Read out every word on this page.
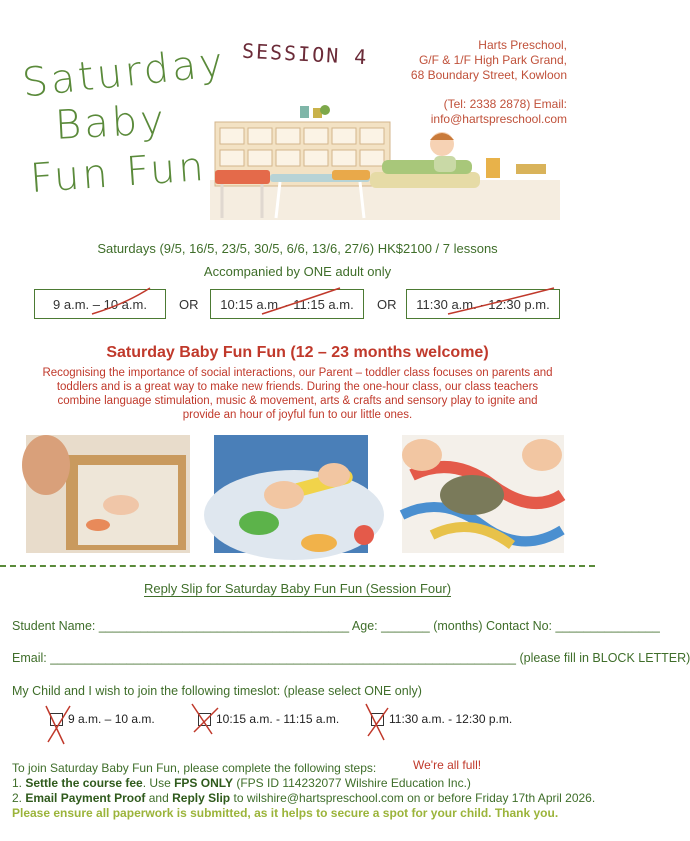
Saturday
Baby
Fun Fun
SESSION 4	Harts Preschool,
G/F & 1/F High Park Grand,
68 Boundary Street, Kowloon
(Tel: 2338 2878) Email:
info@hartspreschool.com
Saturdays (9/5, 16/5, 23/5, 30/5, 6/6, 13/6, 27/6) HK$2100 / 7 lessons
Accompanied by ONE adult only
9 a.m. – 10 a.m. OR 10:15 a.m. - 11:15 a.m. OR 11:30 a.m. - 12:30 p.m.
Saturday Baby Fun Fun (12 – 23 months welcome)
Recognising the importance of social interactions, our Parent – toddler class focuses on parents and toddlers and is a great way to make new friends. During the one-hour class, our class teachers combine language stimulation, music & movement, arts & crafts and sensory play to ignite and provide an hour of joyful fun to our little ones.
Reply Slip for Saturday Baby Fun Fun (Session Four)
Student Name: ____________________________________ Age: _______ (months) Contact No: _______________
Email: ___________________________________________________________________ (please fill in BLOCK LETTER)
My Child and I wish to join the following timeslot: (please select ONE only)
9 a.m. – 10 a.m.	10:15 a.m. - 11:15 a.m.	11:30 a.m. - 12:30 p.m.
We're all full!
To join Saturday Baby Fun Fun, please complete the following steps:
1. Settle the course fee. Use FPS ONLY (FPS ID 114232077 Wilshire Education Inc.)
2. Email Payment Proof and Reply Slip to wilshire@hartspreschool.com on or before Friday 17th April 2026.
Please ensure all paperwork is submitted, as it helps to secure a spot for your child. Thank you.
